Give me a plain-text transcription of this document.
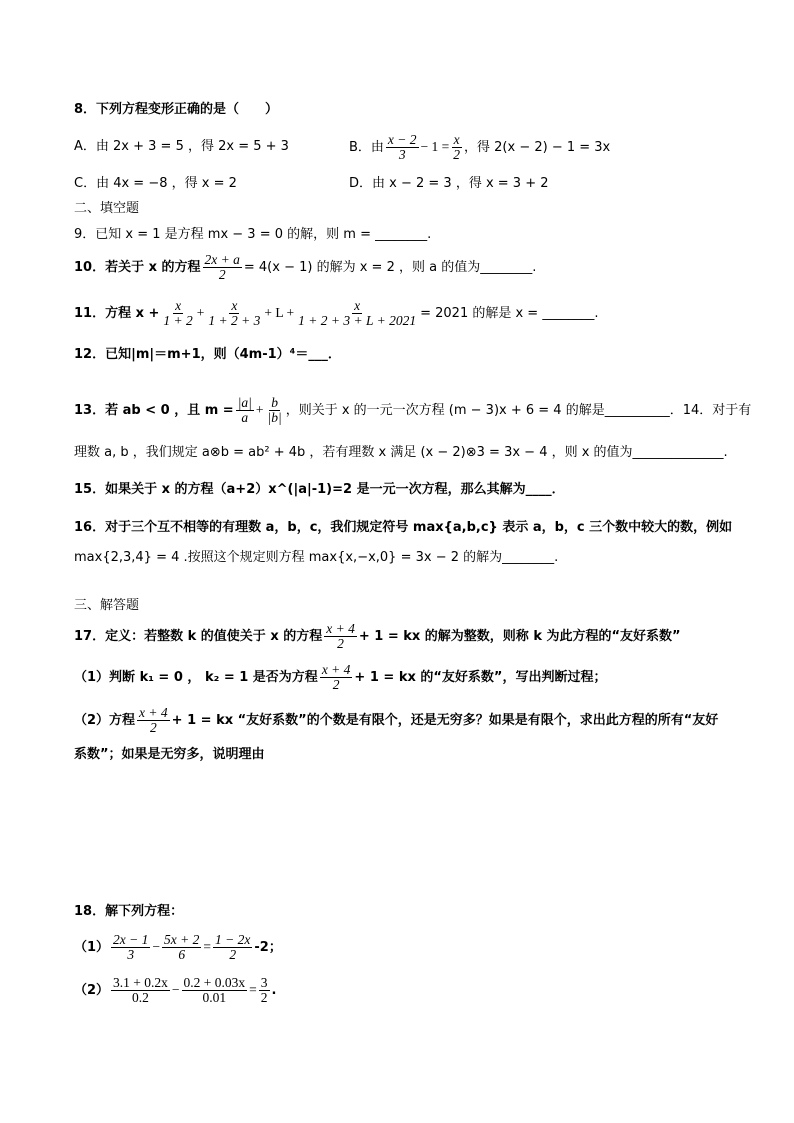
8．下列方程变形正确的是（　　）
A．由 2x + 3 = 5 ，得 2x = 5 + 3	B．由 $\frac{x - 2}{3} - 1 = \frac{x}{2}$ ，得 2(x − 2) − 1 = 3x
C．由 4x = −8 ，得 x = 2	D．由 x − 2 = 3 ，得 x = 3 + 2
二、填空题
9．已知 x = 1 是方程 mx − 3 = 0 的解，则 m = ________.
10．若关于 x 的方程 $\frac{2x + a}{2} = 4(x - 1)$ 的解为 x = 2 ，则 a 的值为________.
11．方程 $x + \frac{x}{1 + 2} + \frac{x}{1 + 2 + 3} + L + \frac{x}{1 + 2 + 3 + L + 2021} = 2021$ 的解是 x = ________.
12．已知|m|＝m+1，则（4m-1）⁴＝___．
13．若 ab < 0 ，且 $m = \frac{|a|}{a} + \frac{b}{|b|}$ ，则关于 x 的一元一次方程 (m − 3)x + 6 = 4 的解是__________．14．对于有
理数 a, b ，我们规定 a⊗b = ab² + 4b ，若有理数 x 满足 (x − 2)⊗3 = 3x − 4 ，则 x 的值为______________.
15．如果关于 x 的方程（a+2）x^(|a|-1)=2 是一元一次方程，那么其解为____．
16．对于三个互不相等的有理数 a，b，c，我们规定符号 max{a,b,c} 表示 a，b，c 三个数中较大的数，例如
max{2,3,4} = 4 .按照这个规定则方程 max{x,−x,0} = 3x − 2 的解为________.
三、解答题
17．定义：若整数 k 的值使关于 x 的方程 $\frac{x + 4}{2} + 1$ = kx 的解为整数，则称 k 为此方程的“友好系数”
（1）判断 k₁ = 0 ， k₂ = 1 是否为方程 $\frac{x + 4}{2} + 1$ = kx 的“友好系数”，写出判断过程；
（2）方程 $\frac{x + 4}{2} + 1$ = kx “友好系数”的个数是有限个，还是无穷多？如果是有限个，求出此方程的所有“友好
系数”；如果是无穷多，说明理由
18．解下列方程：
$(1) \frac{2x - 1}{3} - \frac{5x + 2}{6} = \frac{1 - 2x}{2} -2$；
$(2) \frac{3.1 + 0.2x}{0.2} - \frac{0.2 + 0.03x}{0.01} = \frac{3}{2}$ .
